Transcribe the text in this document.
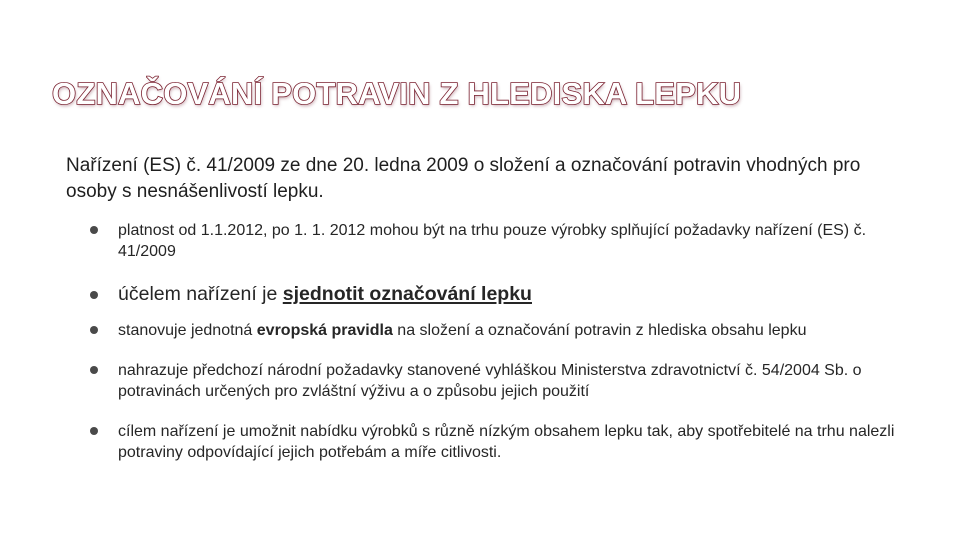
OZNAČOVÁNÍ POTRAVIN Z HLEDISKA LEPKU

Nařízení (ES) č. 41/2009 ze dne 20. ledna 2009 o složení a označování potravin vhodných pro osoby s nesnášenlivostí lepku.

platnost od 1.1.2012, po 1. 1. 2012 mohou být na trhu pouze výrobky splňující požadavky nařízení (ES) č. 41/2009
účelem nařízení je sjednotit označování lepku
stanovuje jednotná evropská pravidla na složení a označování potravin z hlediska obsahu lepku
nahrazuje předchozí národní požadavky stanovené vyhláškou Ministerstva zdravotnictví č. 54/2004 Sb. o potravinách určených pro zvláštní výživu a o způsobu jejich použití
cílem nařízení je umožnit nabídku výrobků s různě nízkým obsahem lepku tak, aby spotřebitelé na trhu nalezli potraviny odpovídající jejich potřebám a míře citlivosti.
